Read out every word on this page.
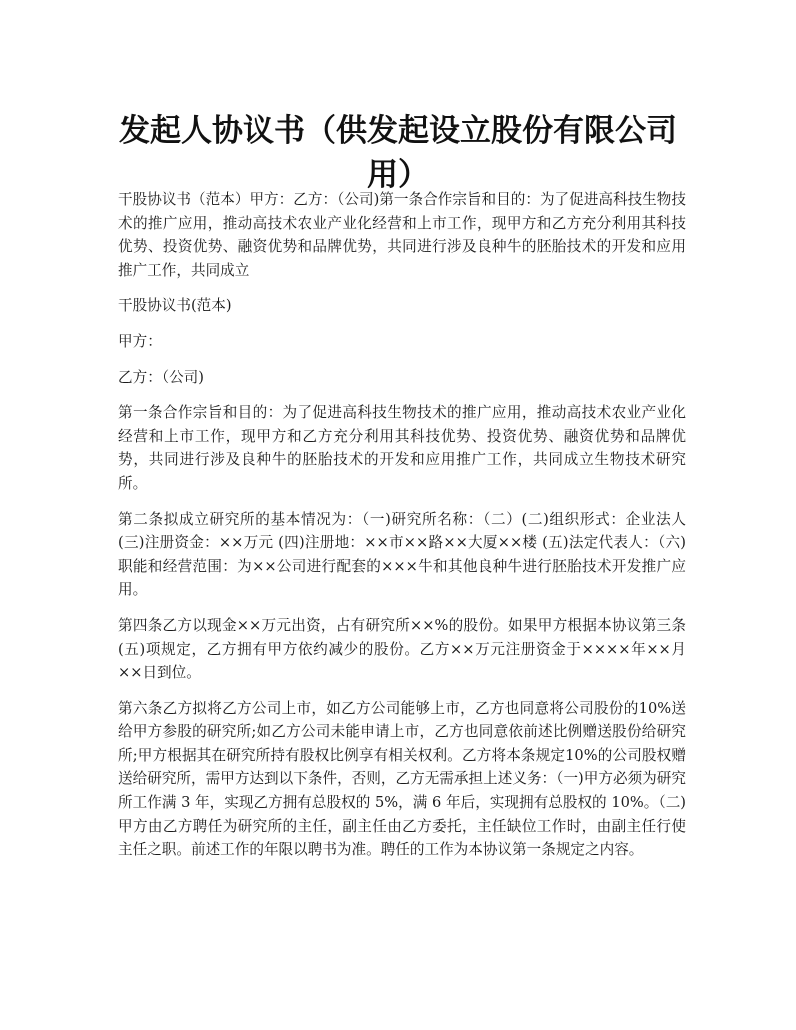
发起人协议书（供发起设立股份有限公司用）

干股协议书（范本）甲方：乙方：（公司)第一条合作宗旨和目的：为了促进高科技生物技术的推广应用，推动高技术农业产业化经营和上市工作，现甲方和乙方充分利用其科技优势、投资优势、融资优势和品牌优势，共同进行涉及良种牛的胚胎技术的开发和应用推广工作，共同成立

干股协议书(范本)

甲方：

乙方：（公司)

第一条合作宗旨和目的：为了促进高科技生物技术的推广应用，推动高技术农业产业化经营和上市工作，现甲方和乙方充分利用其科技优势、投资优势、融资优势和品牌优势，共同进行涉及良种牛的胚胎技术的开发和应用推广工作，共同成立生物技术研究所。

第二条拟成立研究所的基本情况为：（一)研究所名称：（二）(二)组织形式：企业法人 (三)注册资金：××万元 (四)注册地：××市××路××大厦××楼 (五)法定代表人：（六)职能和经营范围：为××公司进行配套的×××牛和其他良种牛进行胚胎技术开发推广应用。

第四条乙方以现金××万元出资，占有研究所××%的股份。如果甲方根据本协议第三条(五)项规定，乙方拥有甲方依约减少的股份。乙方××万元注册资金于××××年××月××日到位。

第六条乙方拟将乙方公司上市，如乙方公司能够上市，乙方也同意将公司股份的10%送给甲方参股的研究所;如乙方公司未能申请上市，乙方也同意依前述比例赠送股份给研究所;甲方根据其在研究所持有股权比例享有相关权利。乙方将本条规定10%的公司股权赠送给研究所，需甲方达到以下条件，否则，乙方无需承担上述义务：（一)甲方必须为研究所工作满 3 年，实现乙方拥有总股权的 5%，满 6 年后，实现拥有总股权的 10%。（二)甲方由乙方聘任为研究所的主任，副主任由乙方委托，主任缺位工作时，由副主任行使主任之职。前述工作的年限以聘书为准。聘任的工作为本协议第一条规定之内容。
